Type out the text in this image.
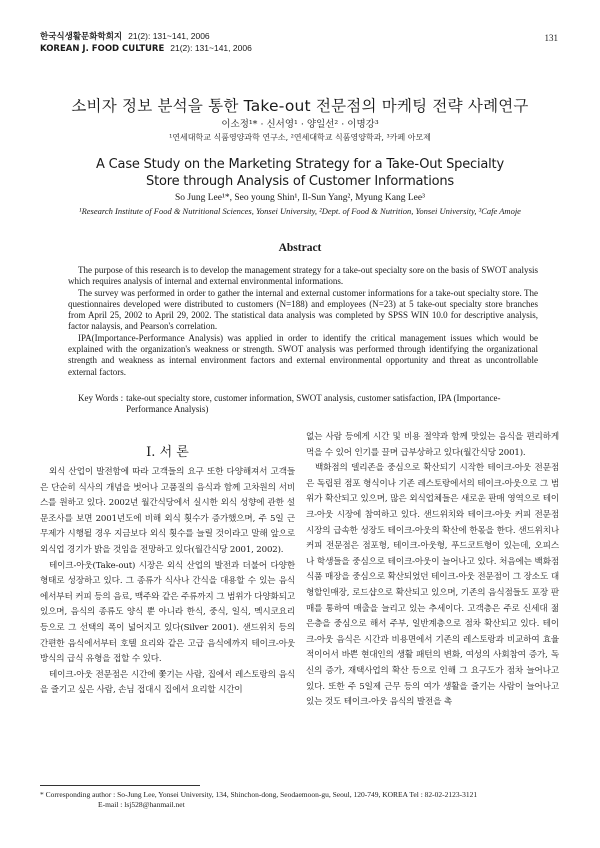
한국식생활문화학회지 21(2): 131~141, 2006
KOREAN J. FOOD CULTURE 21(2): 131~141, 2006
131
소비자 정보 분석을 통한 Take-out 전문점의 마케팅 전략 사례연구
이소정¹* · 신서영¹ · 양일선² · 이명강³
¹연세대학교 식품영양과학 연구소, ²연세대학교 식품영양학과, ³카페 아모제
A Case Study on the Marketing Strategy for a Take-Out Specialty
Store through Analysis of Customer Informations
So Jung Lee¹*, Seo young Shin¹, Il-Sun Yang², Myung Kang Lee³
¹Research Institute of Food & Nutritional Sciences, Yonsei University, ²Dept. of Food & Nutrition, Yonsei University, ³Cafe Amoje
Abstract

The purpose of this research is to develop the management strategy for a take-out specialty sore on the basis of SWOT analysis which requires analysis of internal and external environmental informations.

The survey was performed in order to gather the internal and external customer informations for a take-out specialty store. The questionnaires developed were distributed to customers (N=188) and employees (N=23) at 5 take-out specialty store branches from April 25, 2002 to April 29, 2002. The statistical data analysis was completed by SPSS WIN 10.0 for descriptive analysis, factor nalaysis, and Pearson's correlation.

IPA(Importance-Performance Analysis) was applied in order to identify the critical management issues which would be explained with the organization's weakness or strength. SWOT analysis was performed through identifying the organizational strength and weakness as internal environment factors and external environmental opportunity and threat as uncontrollable external factors.

Key Words : take-out specialty store, customer information, SWOT analysis, customer satisfaction, IPA (Importance-Performance Analysis)
I. 서 론

외식 산업이 발전함에 따라 고객들의 요구 또한 다양해져서 고객들은 단순히 식사의 개념을 벗어나 고품질의 음식과 함께 고차원의 서비스를 원하고 있다. 2002년 월간식당에서 실시한 외식 성향에 관한 설문조사를 보면 2001년도에 비해 외식 횟수가 증가했으며, 주 5일 근무제가 시행될 경우 지금보다 외식 횟수를 늘릴 것이라고 말해 앞으로 외식업 경기가 밝을 것임을 전망하고 있다(월간식당 2001, 2002).

테이크-아웃(Take-out) 시장은 외식 산업의 발전과 더불어 다양한 형태로 성장하고 있다. 그 종류가 식사나 간식을 대용할 수 있는 음식에서부터 커피 등의 음료, 맥주와 같은 주류까지 그 범위가 다양화되고 있으며, 음식의 종류도 양식 뿐 아니라 한식, 중식, 일식, 멕시코요리 등으로 그 선택의 폭이 넓어지고 있다(Silver 2001). 샌드위치 등의 간편한 음식에서부터 호텔 요리와 같은 고급 음식에까지 테이크-아웃 방식의 급식 유형을 접할 수 있다.

테이크-아웃 전문점은 시간에 쫓기는 사람, 집에서 레스토랑의 음식을 즐기고 싶은 사람, 손님 접대시 집에서 요리할 시간이

없는 사람 등에게 시간 및 비용 절약과 함께 맛있는 음식을 편리하게 먹을 수 있어 인기를 끌며 급부상하고 있다(월간식당 2001).

백화점의 델리존을 중심으로 확산되기 시작한 테이크-아웃 전문점은 독립된 점포 형식이나 기존 레스토랑에서의 테이크-아웃으로 그 범위가 확산되고 있으며, 많은 외식업체들은 새로운 판매 영역으로 테이크-아웃 시장에 참여하고 있다. 샌드위치와 테이크-아웃 커피 전문점 시장의 급속한 성장도 테이크-아웃의 확산에 한몫을 한다. 샌드위치나 커피 전문점은 점포형, 테이크-아웃형, 푸드코트형이 있는데, 오피스나 학생들을 중심으로 테이크-아웃이 늘어나고 있다. 처음에는 백화점 식품 매장을 중심으로 확산되었던 테이크-아웃 전문점이 그 장소도 대형할인매장, 로드샵으로 확산되고 있으며, 기존의 음식점들도 포장 판매를 통하여 매출을 늘리고 있는 추세이다. 고객층은 주로 신세대 젊은층을 중심으로 해서 주부, 일반계층으로 점차 확산되고 있다. 테이크-아웃 음식은 시간과 비용면에서 기존의 레스토랑과 비교하여 효율적이어서 바쁜 현대인의 생활 패턴의 변화, 여성의 사회참여 증가, 독신의 증가, 재택사업의 확산 등으로 인해 그 요구도가 점차 늘어나고 있다. 또한 주 5일제 근무 등의 여가 생활을 즐기는 사람이 늘어나고 있는 것도 테이크-아웃 음식의 발전을 촉

* Corresponding author : So-Jung Lee, Yonsei University, 134, Shinchon-dong, Seodaemoon-gu, Seoul, 120-749, KOREA Tel : 82-02-2123-3121
E-mail : lsj528@hanmail.net
